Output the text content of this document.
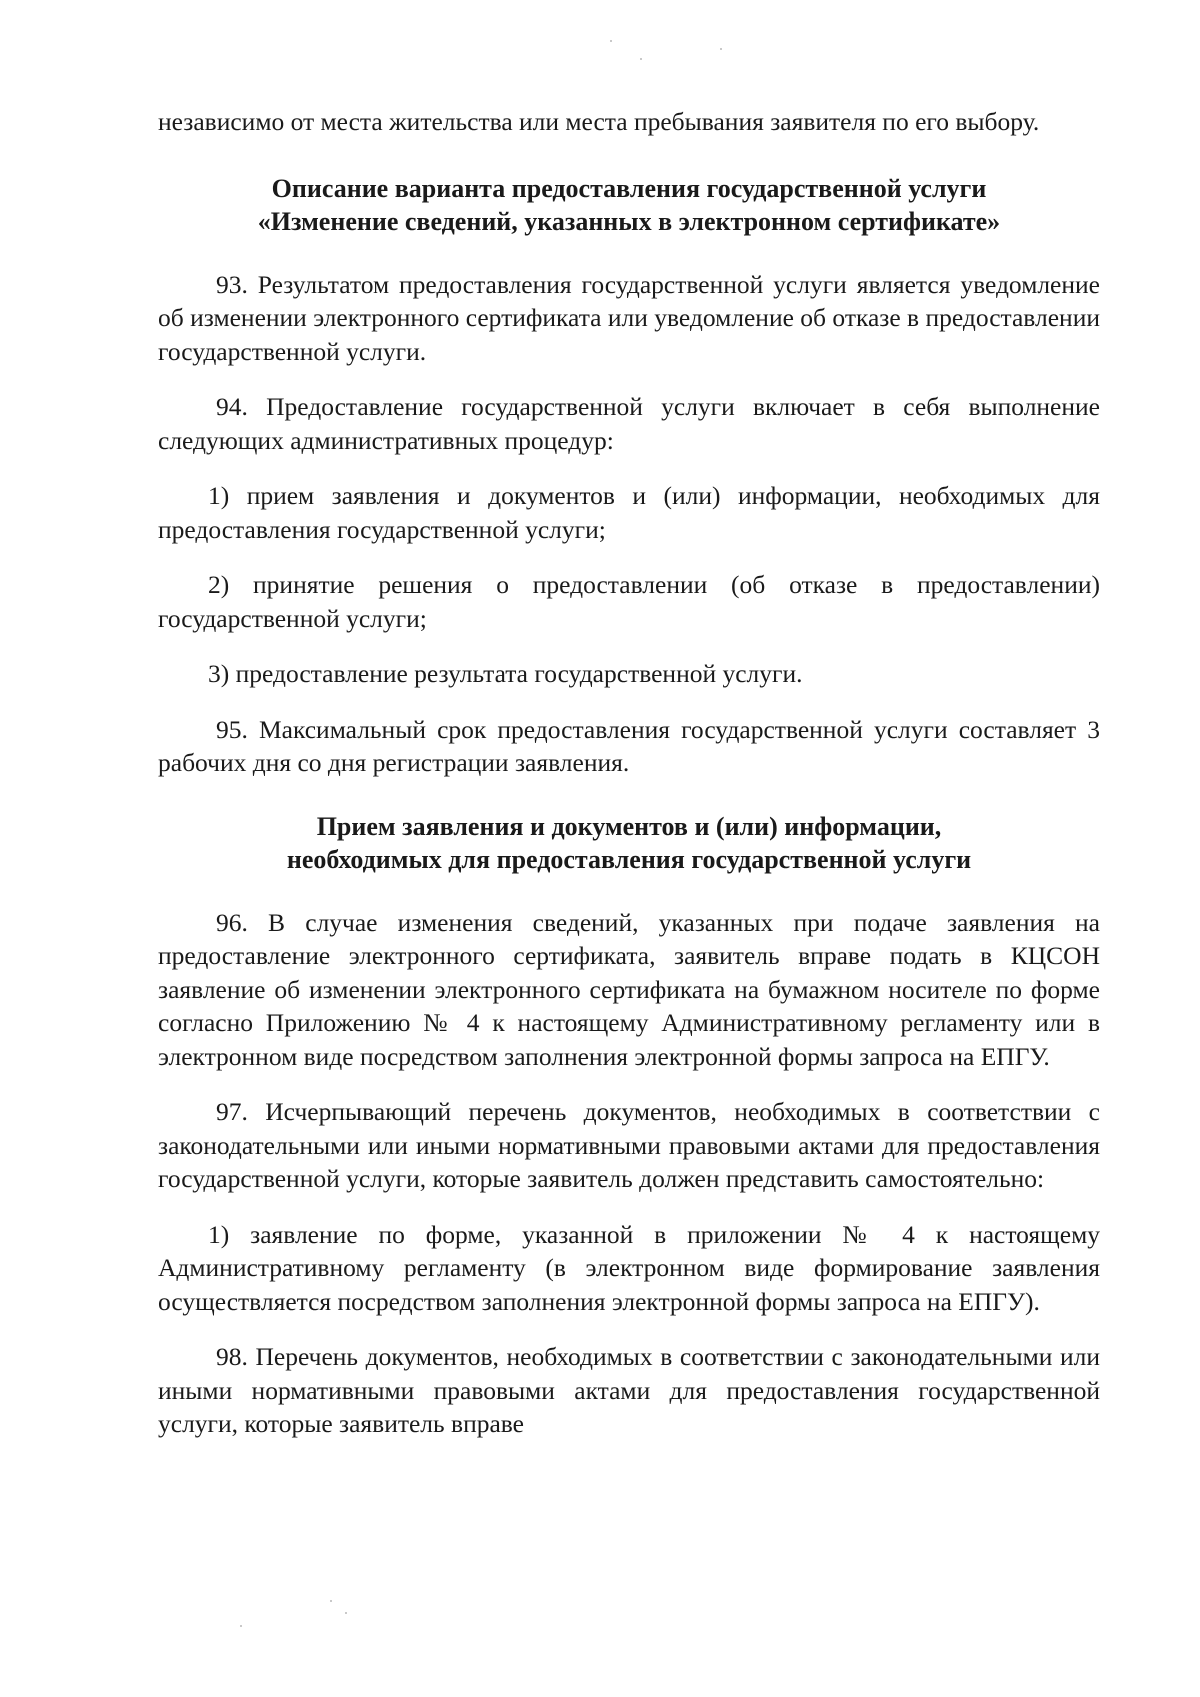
независимо от места жительства или места пребывания заявителя по его выбору.

Описание варианта предоставления государственной услуги
«Изменение сведений, указанных в электронном сертификате»

93. Результатом предоставления государственной услуги является уведомление об изменении электронного сертификата или уведомление об отказе в предоставлении государственной услуги.

94. Предоставление государственной услуги включает в себя выполнение следующих административных процедур:

1) прием заявления и документов и (или) информации, необходимых для предоставления государственной услуги;

2) принятие решения о предоставлении (об отказе в предоставлении) государственной услуги;

3) предоставление результата государственной услуги.

95. Максимальный срок предоставления государственной услуги составляет 3 рабочих дня со дня регистрации заявления.

Прием заявления и документов и (или) информации,
необходимых для предоставления государственной услуги

96. В случае изменения сведений, указанных при подаче заявления на предоставление электронного сертификата, заявитель вправе подать в КЦСОН заявление об изменении электронного сертификата на бумажном носителе по форме согласно Приложению № 4 к настоящему Административному регламенту или в электронном виде посредством заполнения электронной формы запроса на ЕПГУ.

97. Исчерпывающий перечень документов, необходимых в соответствии с законодательными или иными нормативными правовыми актами для предоставления государственной услуги, которые заявитель должен представить самостоятельно:

1) заявление по форме, указанной в приложении № 4 к настоящему Административному регламенту (в электронном виде формирование заявления осуществляется посредством заполнения электронной формы запроса на ЕПГУ).

98. Перечень документов, необходимых в соответствии с законодательными или иными нормативными правовыми актами для предоставления государственной услуги, которые заявитель вправе
